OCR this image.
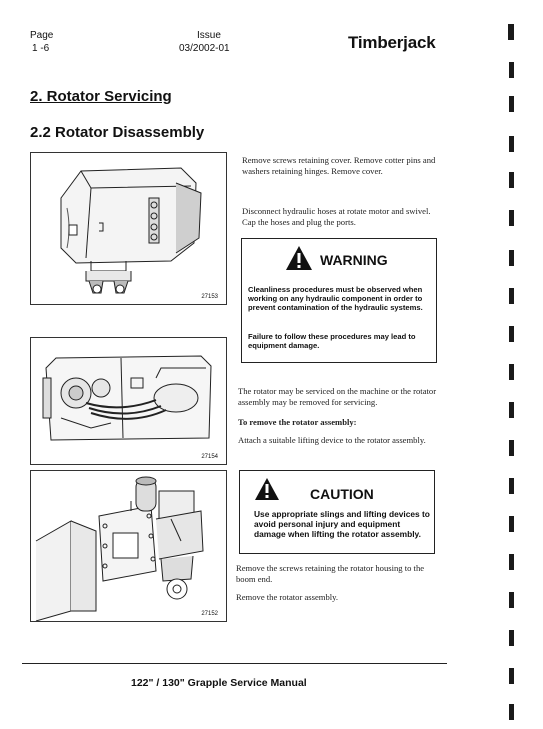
Page
1 -6
Issue
03/2002-01	Timberjack
2. Rotator Servicing
2.2 Rotator Disassembly
27153
27154
27152
Remove screws retaining cover. Remove cotter pins and washers retaining hinges. Remove cover.
Disconnect hydraulic hoses at rotate motor and swivel. Cap the hoses and plug the ports.
WARNING
Cleanliness procedures must be observed when working on any hydraulic component in order to prevent contamination of the hydraulic systems.
Failure to follow these procedures may lead to equipment damage.
The rotator may be serviced on the machine or the rotator assembly may be removed for servicing.
To remove the rotator assembly:
Attach a suitable lifting device to the rotator assembly.
CAUTION
Use appropriate slings and lifting devices to avoid personal injury and equipment damage when lifting the rotator assembly.
Remove the screws retaining the rotator housing to the boom end.
Remove the rotator assembly.
122" / 130" Grapple Service Manual
